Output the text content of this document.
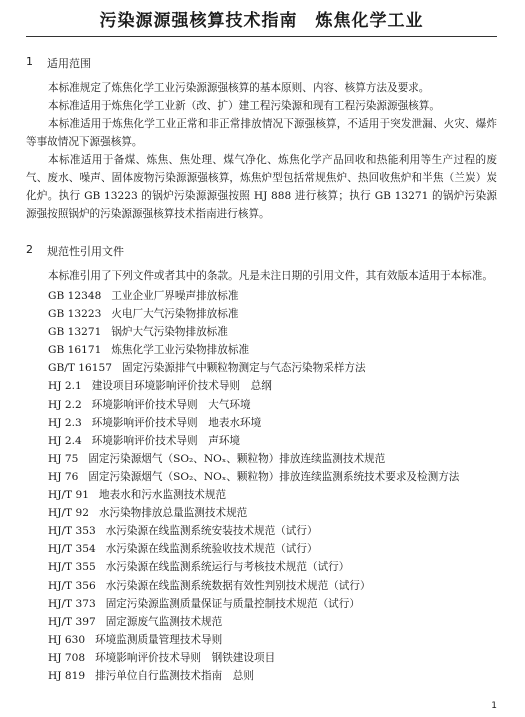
污染源源强核算技术指南　炼焦化学工业
1 适用范围

本标准规定了炼焦化学工业污染源源强核算的基本原则、内容、核算方法及要求。

本标准适用于炼焦化学工业新（改、扩）建工程污染源和现有工程污染源源强核算。

本标准适用于炼焦化学工业正常和非正常排放情况下源强核算，不适用于突发泄漏、火灾、爆炸等事故情况下源强核算。

本标准适用于备煤、炼焦、焦处理、煤气净化、炼焦化学产品回收和热能利用等生产过程的废气、废水、噪声、固体废物污染源源强核算，炼焦炉型包括常规焦炉、热回收焦炉和半焦（兰炭）炭化炉。执行 GB 13223 的锅炉污染源源强按照 HJ 888 进行核算；执行 GB 13271 的锅炉污染源源强按照锅炉的污染源源强核算技术指南进行核算。

2 规范性引用文件

本标准引用了下列文件或者其中的条款。凡是未注日期的引用文件，其有效版本适用于本标准。

GB 12348 工业企业厂界噪声排放标准
GB 13223 火电厂大气污染物排放标准
GB 13271 锅炉大气污染物排放标准
GB 16171 炼焦化学工业污染物排放标准
GB/T 16157 固定污染源排气中颗粒物测定与气态污染物采样方法
HJ 2.1 建设项目环境影响评价技术导则　总纲
HJ 2.2 环境影响评价技术导则　大气环境
HJ 2.3 环境影响评价技术导则　地表水环境
HJ 2.4 环境影响评价技术导则　声环境
HJ 75 固定污染源烟气（SO₂、NOₓ、颗粒物）排放连续监测技术规范
HJ 76 固定污染源烟气（SO₂、NOₓ、颗粒物）排放连续监测系统技术要求及检测方法
HJ/T 91 地表水和污水监测技术规范
HJ/T 92 水污染物排放总量监测技术规范
HJ/T 353 水污染源在线监测系统安装技术规范（试行）
HJ/T 354 水污染源在线监测系统验收技术规范（试行）
HJ/T 355 水污染源在线监测系统运行与考核技术规范（试行）
HJ/T 356 水污染源在线监测系统数据有效性判别技术规范（试行）
HJ/T 373 固定污染源监测质量保证与质量控制技术规范（试行）
HJ/T 397 固定源废气监测技术规范
HJ 630 环境监测质量管理技术导则
HJ 708 环境影响评价技术导则　钢铁建设项目
HJ 819 排污单位自行监测技术指南　总则
1
